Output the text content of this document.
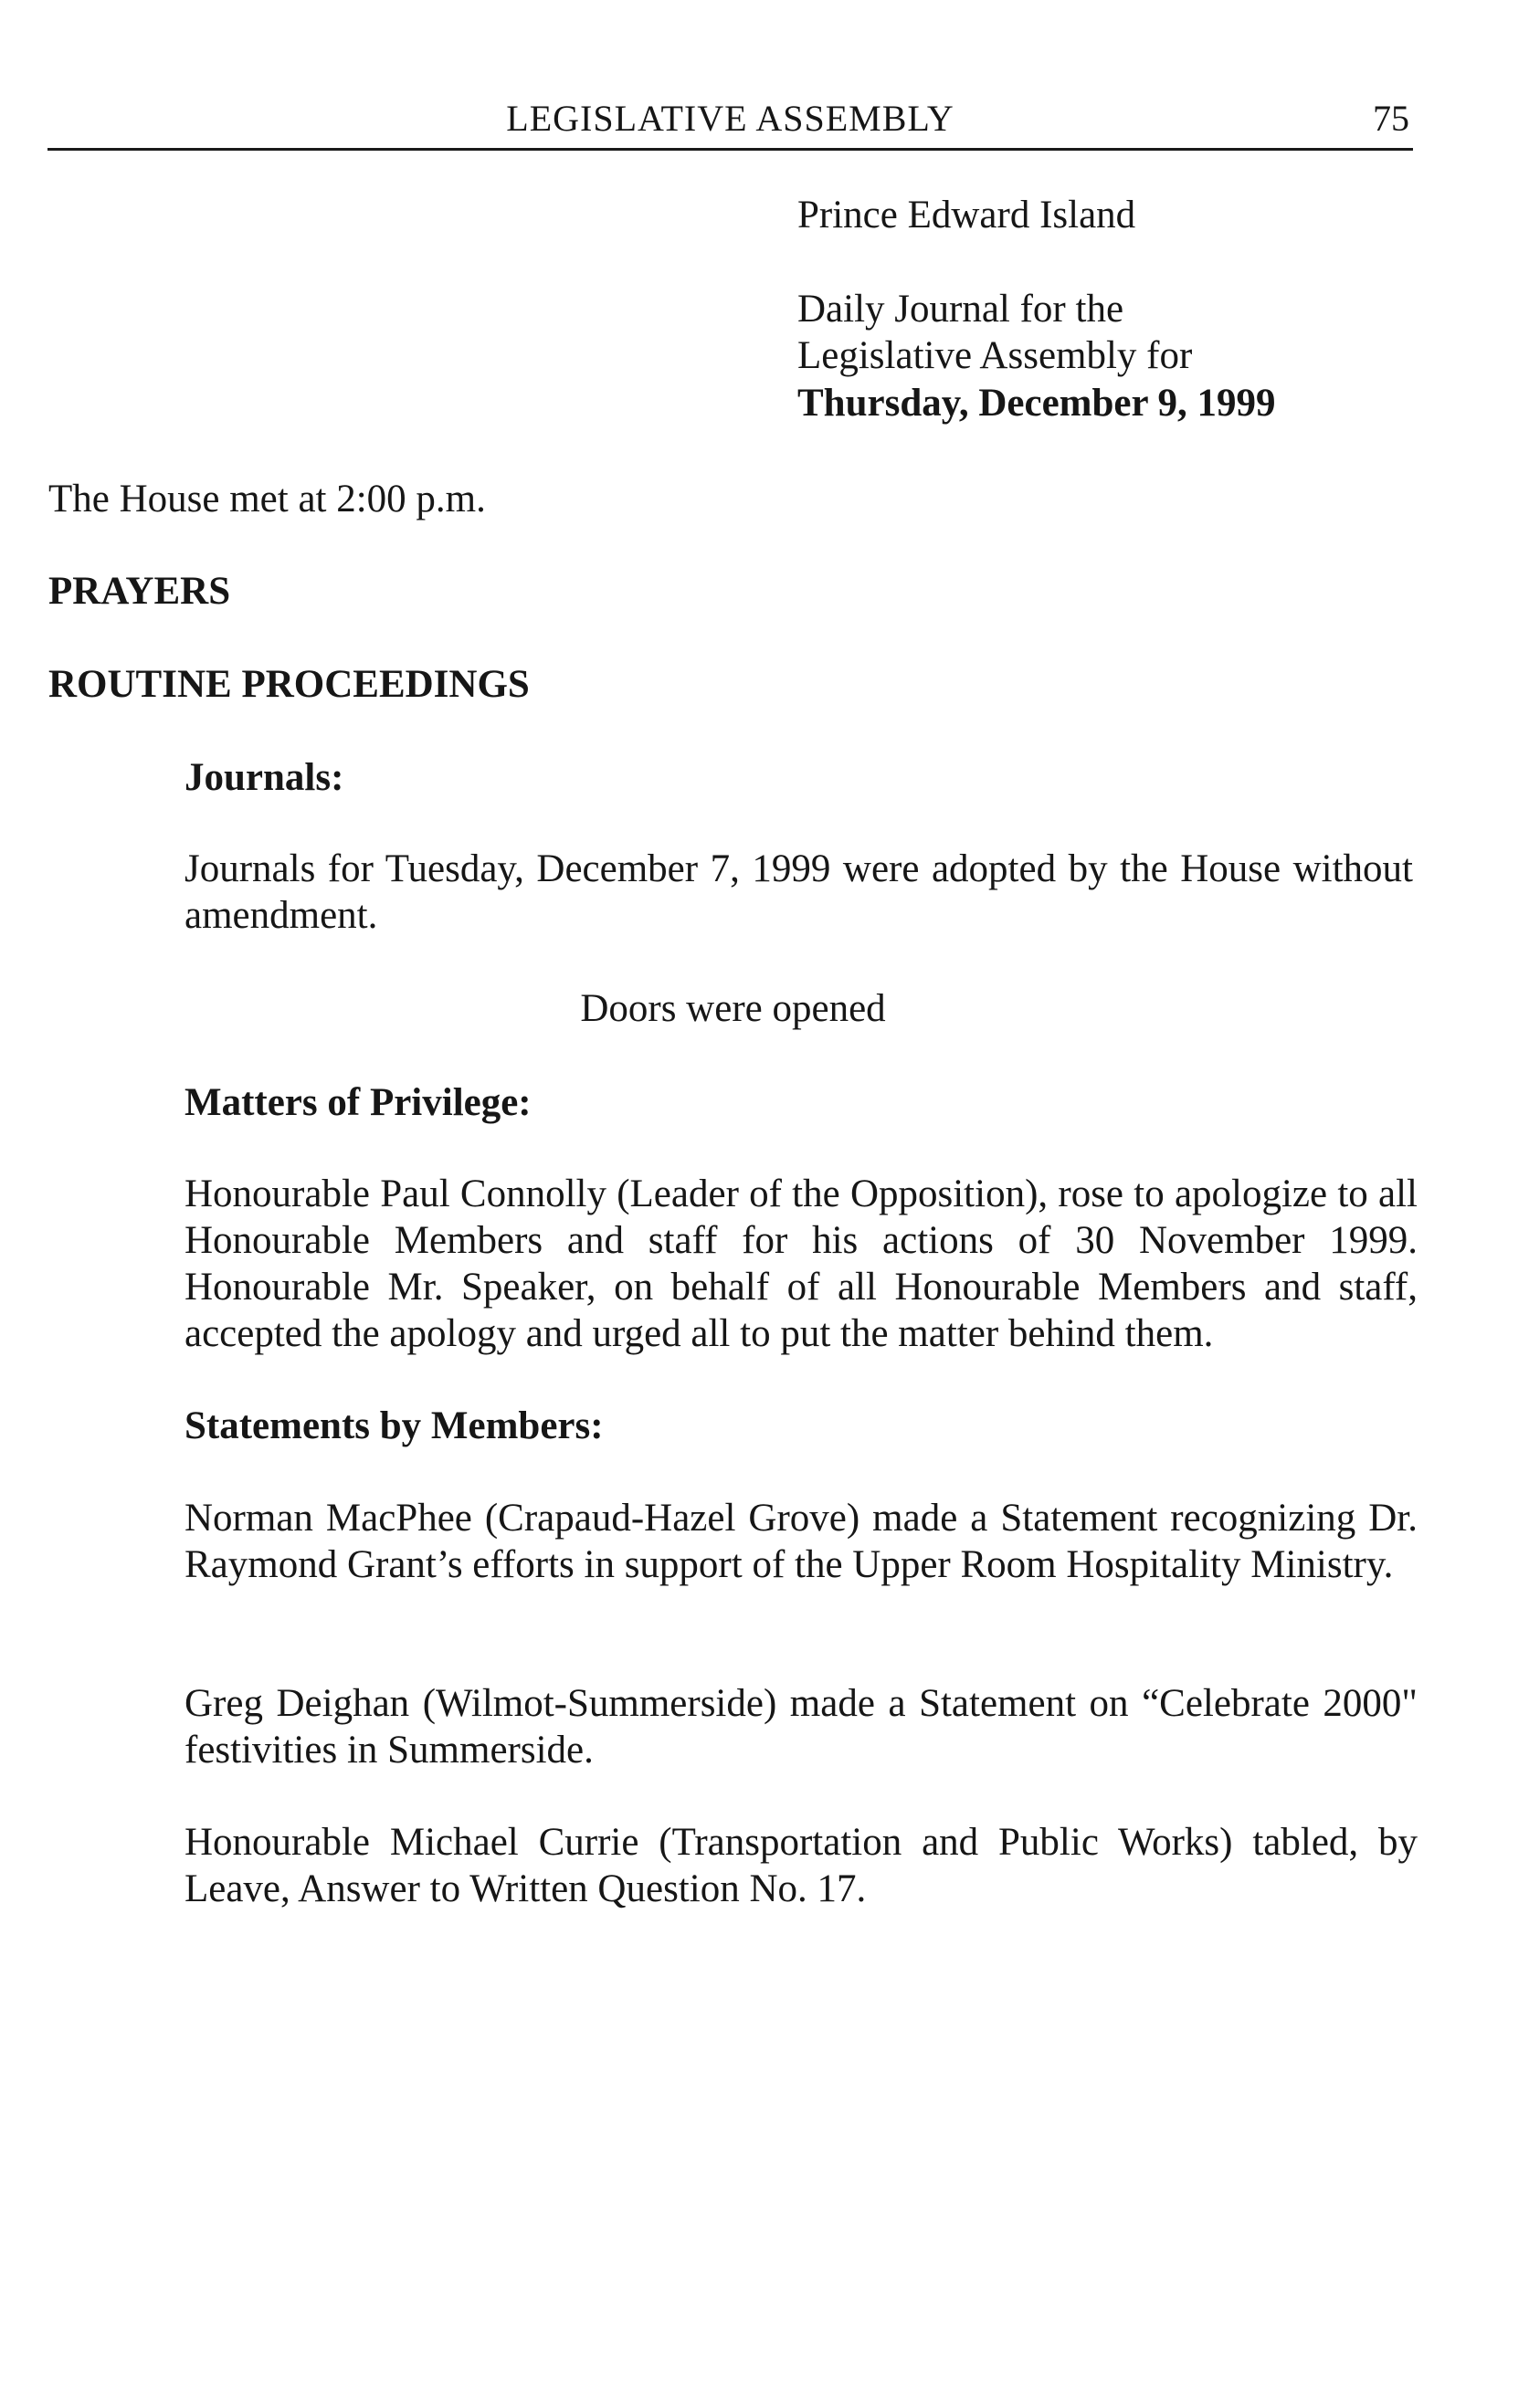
LEGISLATIVE ASSEMBLY	75

Prince Edward Island

Daily Journal for the

Legislative Assembly for

Thursday, December 9, 1999

The House met at 2:00 p.m.

PRAYERS

ROUTINE PROCEEDINGS

Journals:

Journals for Tuesday, December 7, 1999 were adopted by the House without amendment.

Doors were opened

Matters of Privilege:

Honourable Paul Connolly (Leader of the Opposition), rose to apologize to all Honourable Members and staff for his actions of 30 November 1999. Honourable Mr. Speaker, on behalf of all Honourable Members and staff, accepted the apology and urged all to put the matter behind them.

Statements by Members:

Norman MacPhee (Crapaud-Hazel Grove) made a Statement recognizing Dr. Raymond Grant’s efforts in support of the Upper Room Hospitality Ministry.

Greg Deighan (Wilmot-Summerside) made a Statement on “Celebrate 2000" festivities in Summerside.

Honourable Michael Currie (Transportation and Public Works) tabled, by Leave, Answer to Written Question No. 17.
